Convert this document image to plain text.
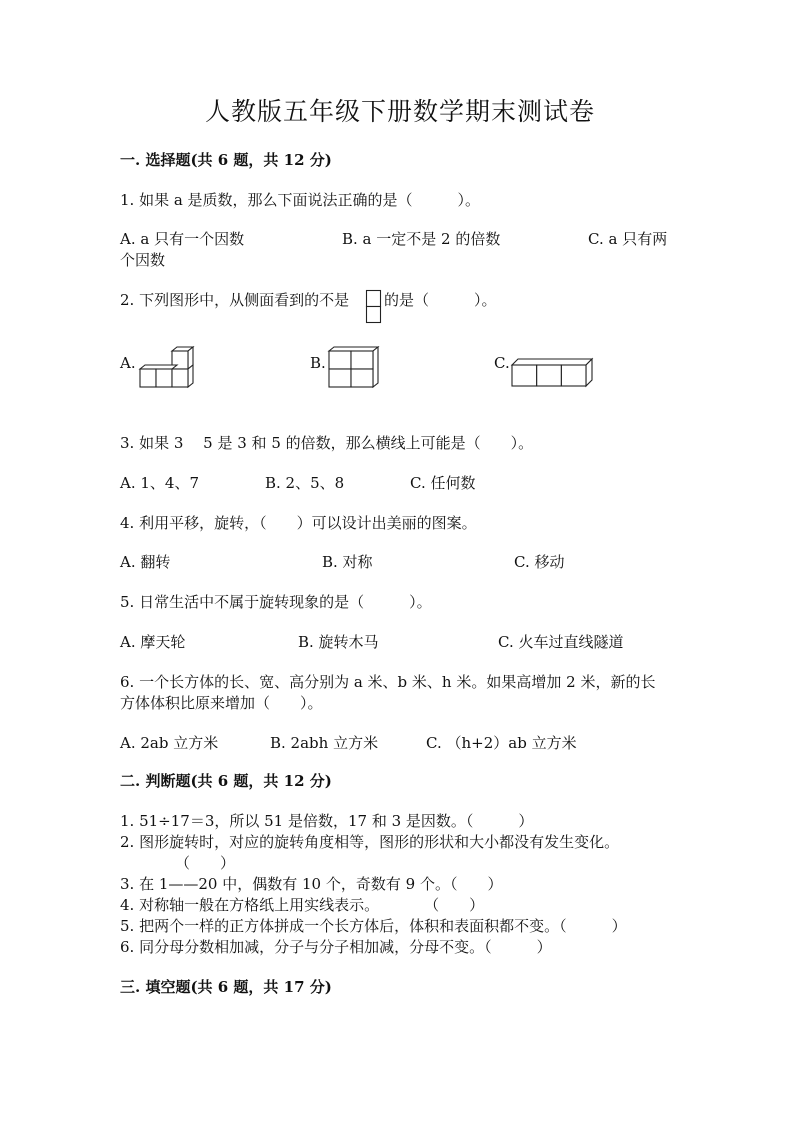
人教版五年级下册数学期末测试卷
一. 选择题(共 6 题，共 12 分)
1. 如果 a 是质数，那么下面说法正确的是（　　　）。
A. a 只有一个因数	B. a 一定不是 2 的倍数	C. a 只有两
个因数
2. 下列图形中，从侧面看到的不是 的是（　　　）。
A.	B.	C.
3. 如果 3　 5 是 3 和 5 的倍数，那么横线上可能是（　　）。
A. 1、4、7	B. 2、5、8	C. 任何数
4. 利用平移，旋转，（　　）可以设计出美丽的图案。
A. 翻转	B. 对称	C. 移动
5. 日常生活中不属于旋转现象的是（　　　）。
A. 摩天轮	B. 旋转木马	C. 火车过直线隧道
6. 一个长方体的长、宽、高分别为 a 米、b 米、h 米。如果高增加 2 米，新的长
方体体积比原来增加（　　）。
A. 2ab 立方米	B. 2abh 立方米	C. （h+2）ab 立方米
二. 判断题(共 6 题，共 12 分)
1. 51÷17＝3，所以 51 是倍数，17 和 3 是因数。（　　　）
2. 图形旋转时，对应的旋转角度相等，图形的形状和大小都没有发生变化。
（　　）
3. 在 1——20 中，偶数有 10 个，奇数有 9 个。（　　）
4. 对称轴一般在方格纸上用实线表示。　　　　（　　）
5. 把两个一样的正方体拼成一个长方体后，体积和表面积都不变。（　　　）
6. 同分母分数相加减，分子与分子相加减，分母不变。（　　　）
三. 填空题(共 6 题，共 17 分)
